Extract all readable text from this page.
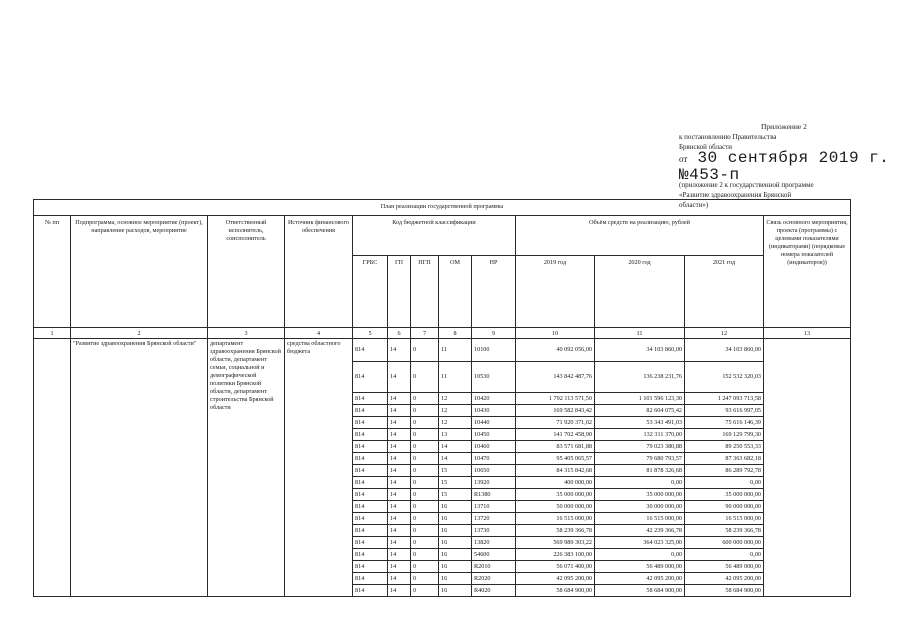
Приложение 2
к постановлению Правительства
Брянской области
от 30 сентября 2019 г.№453-п
(приложение 2 к государственной программе
«Развитие здравоохранения Брянской
области»)
План реализации государственной программы												
№ пп	Подпрограмма, основное мероприятие (проект), направление расходов, мероприятие	Ответственный исполнитель, соисполнитель	Источник финансового обеспечения	Код бюджетной классификации					Объём средств на реализацию, рублей			Связь основного мероприятия, проекта (программы) с целевыми показателями (индикаторами) (порядковые номера показателей (индикаторов))
				ГРБС	ГП	ПГП	ОМ	НР	2019 год	2020 год	2021 год	
1	2	3	4	5	6	7	8	9	10	11	12	13
	"Развитие здравоохранения Брянской области"	департамент здравоохранения Брянской области, департамент семьи, социальной и демографической политики Брянской области, департамент строительства Брянской области	средства областного бюджета	814	14	0	11	10100	40 092 056,00	34 103 860,00	34 103 860,00	
				814	14	0	11	10530	143 842 487,76	136 238 231,76	152 532 320,03	
				814	14	0	12	10420	1 792 113 571,50	1 101 596 123,30	1 247 093 713,58	
				814	14	0	12	10430	169 582 843,42	82 604 075,42	93 616 997,05	
				814	14	0	12	10440	71 920 371,02	53 343 491,03	75 616 146,39	
				814	14	0	13	10450	141 702 458,90	132 311 370,00	169 129 799,30	
				814	14	0	14	10460	83 571 681,88	79 023 380,88	89 250 553,33	
				814	14	0	14	10470	95 405 065,57	79 680 793,57	87 363 682,18	
				814	14	0	15	10650	84 315 842,68	81 878 326,68	86 289 792,78	
				814	14	0	15	13920	400 000,00	0,00	0,00	
				814	14	0	15	R1380	35 000 000,00	35 000 000,00	35 000 000,00	
				814	14	0	16	13710	50 000 000,00	30 000 000,00	90 000 000,00	
				814	14	0	16	13720	16 515 000,00	16 515 000,00	16 515 000,00	
				814	14	0	16	13730	58 239 366,78	42 239 366,78	58 239 366,78	
				814	14	0	16	13820	569 989 303,22	364 023 325,00	600 000 000,00	
				814	14	0	16	54600	226 383 100,00	0,00	0,00	
				814	14	0	16	R2010	56 071 400,00	56 489 000,00	56 489 000,00	
				814	14	0	16	R2020	42 095 200,00	42 095 200,00	42 095 200,00	
				814	14	0	16	R4020	58 684 900,00	58 684 900,00	58 684 900,00	
